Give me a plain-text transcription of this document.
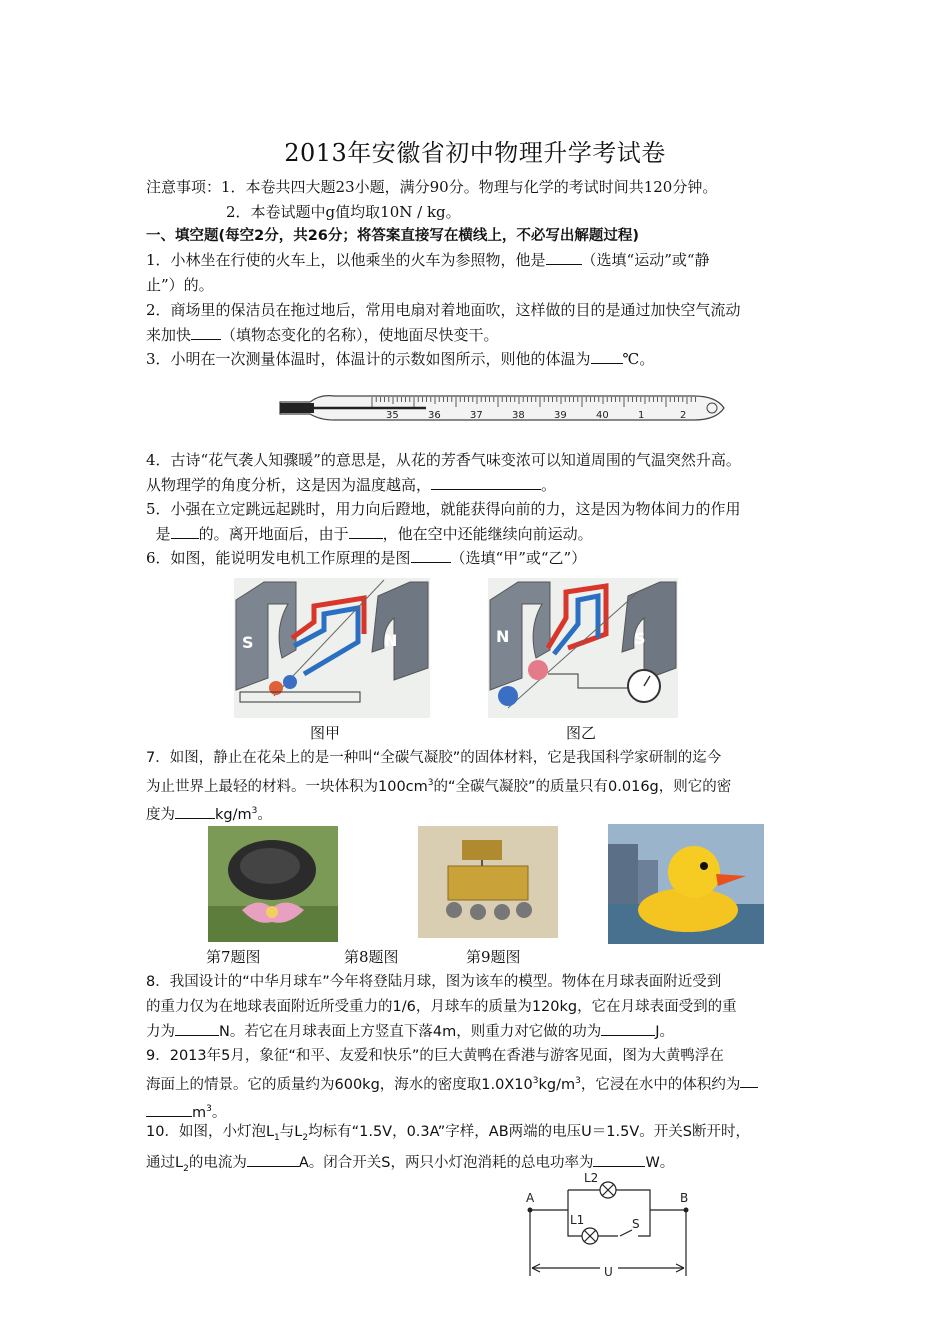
2013年安徽省初中物理升学考试卷
注意事项：1．本卷共四大题23小题，满分90分。物理与化学的考试时间共120分钟。
2．本卷试题中g值均取10N / kg。
一、填空题(每空2分，共26分；将答案直接写在横线上，不必写出解题过程)
1．小林坐在行使的火车上，以他乘坐的火车为参照物，他是 （选填“运动”或“静
止”）的。
2．商场里的保洁员在拖过地后，常用电扇对着地面吹，这样做的目的是通过加快空气流动
来加快 （填物态变化的名称），使地面尽快变干。
3．小明在一次测量体温时，体温计的示数如图所示，则他的体温为 ℃。
35	36	37	38	39	40	1	2
4．古诗“花气袭人知骤暖”的意思是，从花的芳香气味变浓可以知道周围的气温突然升高。
从物理学的角度分析，这是因为温度越高，	。
5．小强在立定跳远起跳时，用力向后蹬地，就能获得向前的力，这是因为物体间力的作用
是 的。离开地面后，由于 ，他在空中还能继续向前运动。
6．如图，能说明发电机工作原理的是图	（选填“甲”或“乙”）
S	N
图甲
N	S
图乙
7．如图，静止在花朵上的是一种叫“全碳气凝胶”的固体材料，它是我国科学家研制的迄今
为止世界上最轻的材料。一块体积为$100cm^3$的“全碳气凝胶”的质量只有0.016g，则它的密
度为	$kg/m^3$。
第7题图	第8题图	第9题图
8．我国设计的“中华月球车”今年将登陆月球，图为该车的模型。物体在月球表面附近受到
的重力仅为在地球表面附近所受重力的1/6，月球车的质量为120kg，它在月球表面受到的重
力为	N。若它在月球表面上方竖直下落4m，则重力对它做的功为	J。
9．2013年5月，象征“和平、友爱和快乐”的巨大黄鸭在香港与游客见面，图为大黄鸭浮在
海面上的情景。它的质量约为600kg，海水的密度取$1.0X10^3kg/m^3$，它浸在水中的体积约为
$m^3$。
10．如图，小灯泡$L_1$与$L_2$均标有“1.5V，0.3A”字样，AB两端的电压U＝1.5V。开关S断开时，
通过$L_2$的电流为	A。闭合开关S，两只小灯泡消耗的总电功率为	W。
A	B
L2
L1	S
U
